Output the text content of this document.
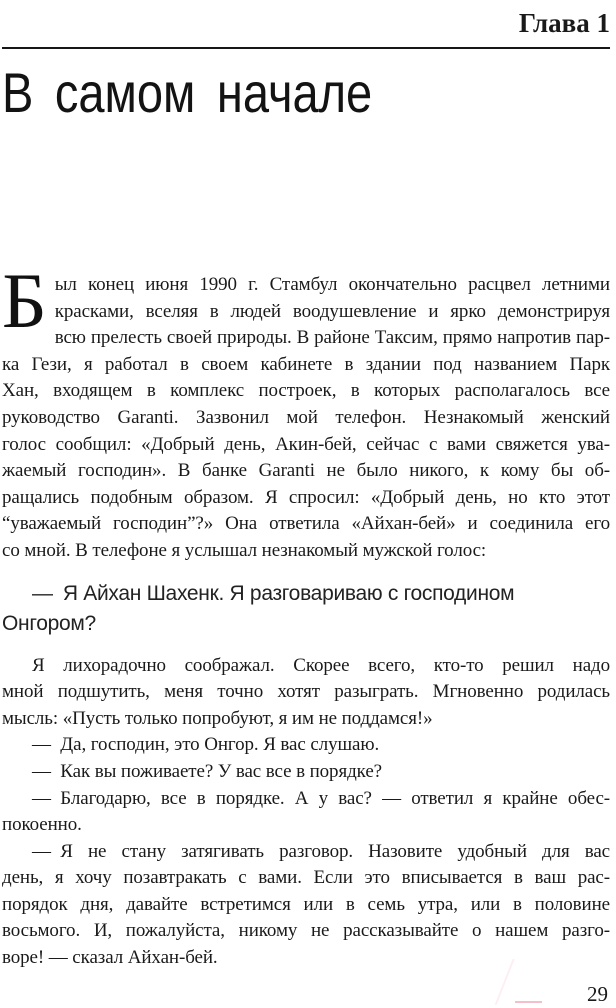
Глава 1
В самом начале
Был конец июня 1990 г. Стамбул окончательно расцвел летними
красками, вселяя в людей воодушевление и ярко демонстрируя
всю прелесть своей природы. В районе Таксим, прямо напротив пар-
ка Гези, я работал в своем кабинете в здании под названием Парк
Хан, входящем в комплекс построек, в которых располагалось все
руководство Garanti. Зазвонил мой телефон. Незнакомый женский
голос сообщил: «Добрый день, Акин-бей, сейчас с вами свяжется ува-
жаемый господин». В банке Garanti не было никого, к кому бы об-
ращались подобным образом. Я спросил: «Добрый день, но кто этот
“уважаемый господин”?» Она ответила «Айхан-бей» и соединила его
со мной. В телефоне я услышал незнакомый мужской голос:
— Я Айхан Шахенк. Я разговариваю с господином
Онгором?
Я лихорадочно соображал. Скорее всего, кто-то решил надо
мной подшутить, меня точно хотят разыграть. Мгновенно родилась
мысль: «Пусть только попробуют, я им не поддамся!»
— Да, господин, это Онгор. Я вас слушаю.
— Как вы поживаете? У вас все в порядке?
— Благодарю, все в порядке. А у вас? — ответил я крайне обес-
покоенно.
— Я не стану затягивать разговор. Назовите удобный для вас
день, я хочу позавтракать с вами. Если это вписывается в ваш рас-
порядок дня, давайте встретимся или в семь утра, или в половине
восьмого. И, пожалуйста, никому не рассказывайте о нашем разго-
воре! — сказал Айхан-бей.
29
